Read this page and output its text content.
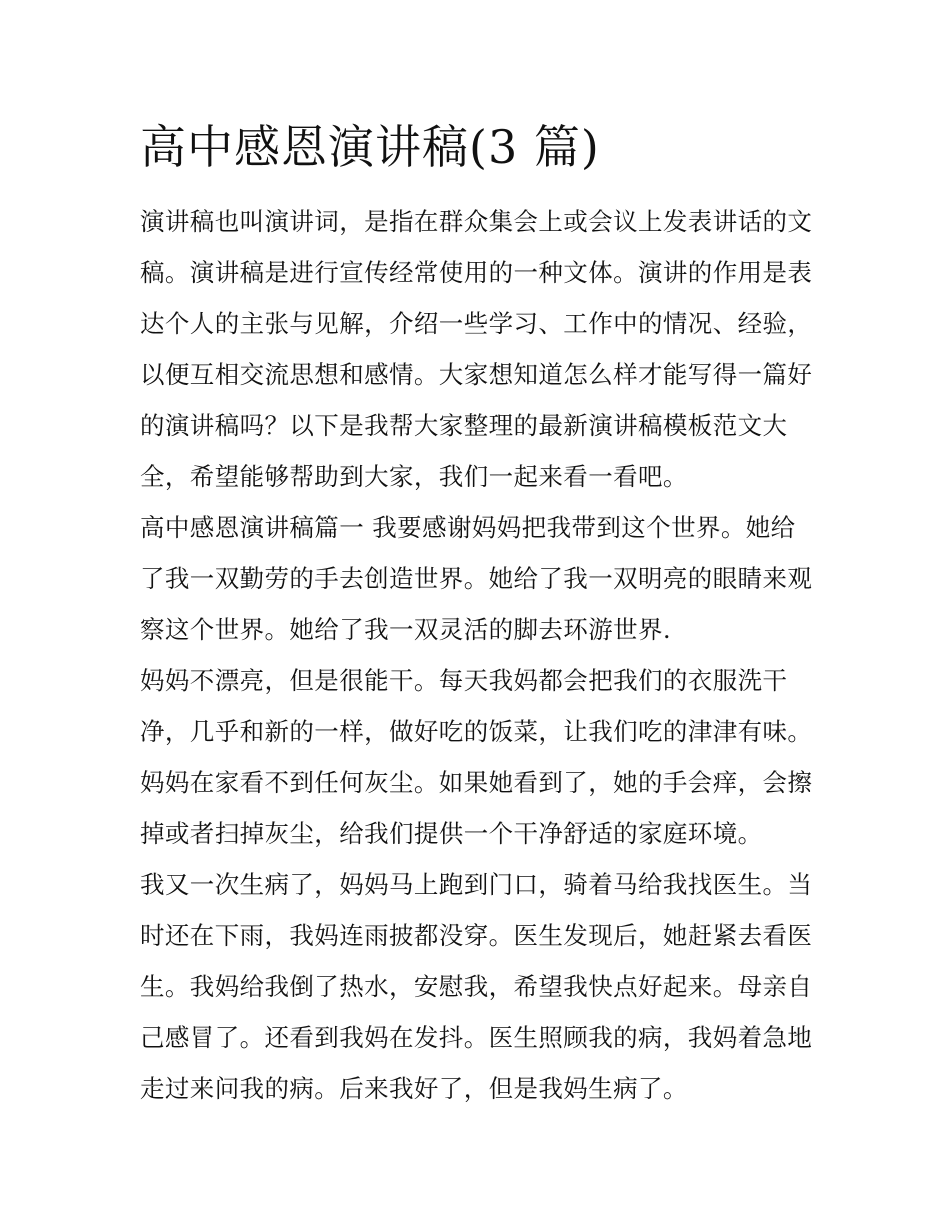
高中感恩演讲稿(3 篇)
演讲稿也叫演讲词，是指在群众集会上或会议上发表讲话的文
稿。演讲稿是进行宣传经常使用的一种文体。演讲的作用是表
达个人的主张与见解，介绍一些学习、工作中的情况、经验，
以便互相交流思想和感情。大家想知道怎么样才能写得一篇好
的演讲稿吗？以下是我帮大家整理的最新演讲稿模板范文大
全，希望能够帮助到大家，我们一起来看一看吧。
高中感恩演讲稿篇一 我要感谢妈妈把我带到这个世界。她给
了我一双勤劳的手去创造世界。她给了我一双明亮的眼睛来观
察这个世界。她给了我一双灵活的脚去环游世界.
妈妈不漂亮，但是很能干。每天我妈都会把我们的衣服洗干
净，几乎和新的一样，做好吃的饭菜，让我们吃的津津有味。
妈妈在家看不到任何灰尘。如果她看到了，她的手会痒，会擦
掉或者扫掉灰尘，给我们提供一个干净舒适的家庭环境。
我又一次生病了，妈妈马上跑到门口，骑着马给我找医生。当
时还在下雨，我妈连雨披都没穿。医生发现后，她赶紧去看医
生。我妈给我倒了热水，安慰我，希望我快点好起来。母亲自
己感冒了。还看到我妈在发抖。医生照顾我的病，我妈着急地
走过来问我的病。后来我好了，但是我妈生病了。
